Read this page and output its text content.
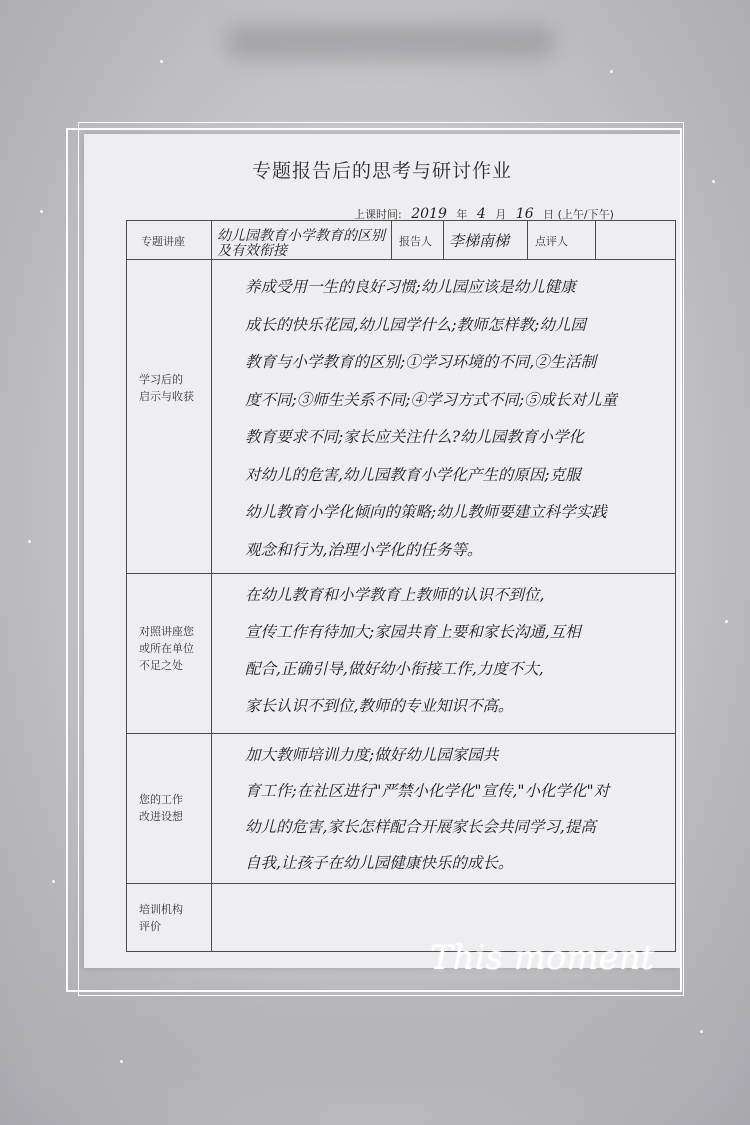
专题报告后的思考与研讨作业
上课时间: 2019 年 4 月 16 日 (上午/下午)
专题讲座 幼儿园教育小学教育的区别
及有效衔接
报告人 李梯南梯 点评人
学习后的
启示与收获
养成受用一生的良好习惯;幼儿园应该是幼儿健康
成长的快乐花园,幼儿园学什么;教师怎样教;幼儿园
教育与小学教育的区别;①学习环境的不同,②生活制
度不同;③师生关系不同;④学习方式不同;⑤成长对儿童
教育要求不同;家长应关注什么?幼儿园教育小学化
对幼儿的危害,幼儿园教育小学化产生的原因;克服
幼儿教育小学化倾向的策略;幼儿教师要建立科学实践
观念和行为,治理小学化的任务等。
对照讲座您
或所在单位
不足之处
在幼儿教育和小学教育上教师的认识不到位,
宣传工作有待加大;家园共育上要和家长沟通,互相
配合,正确引导,做好幼小衔接工作,力度不大,
家长认识不到位,教师的专业知识不高。
您的工作
改进设想
加大教师培训力度;做好幼儿园家园共
育工作;在社区进行"严禁小化学化"宣传,"小化学化"对
幼儿的危害,家长怎样配合开展家长会共同学习,提高
自我,让孩子在幼儿园健康快乐的成长。
培训机构
评价
This moment
